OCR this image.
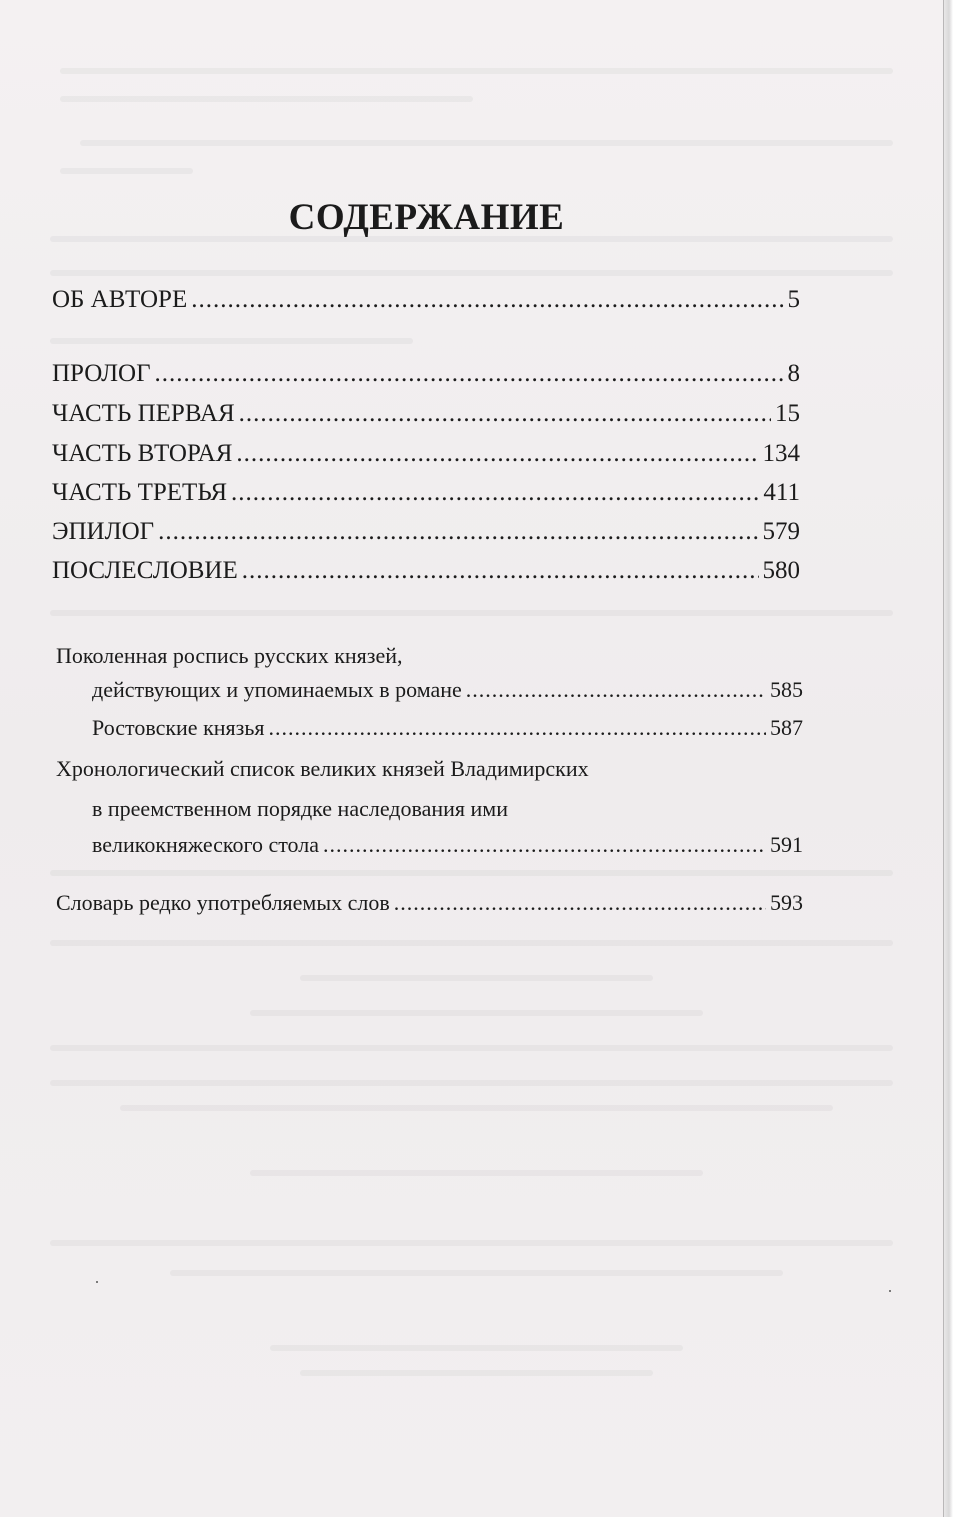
СОДЕРЖАНИЕ
ОБ АВТОРЕ .....	5
ПРОЛОГ .....	8
ЧАСТЬ ПЕРВАЯ .....	15
ЧАСТЬ ВТОРАЯ .....	134
ЧАСТЬ ТРЕТЬЯ .....	411
ЭПИЛОГ .....	579
ПОСЛЕСЛОВИЕ .....	580
Поколенная роспись русских князей,
действующих и упоминаемых в романе .....	585
Ростовские князья .....	587
Хронологический список великих князей Владимирских
в преемственном порядке наследования ими
великокняжеского стола .....	591
Словарь редко употребляемых слов .....	593
